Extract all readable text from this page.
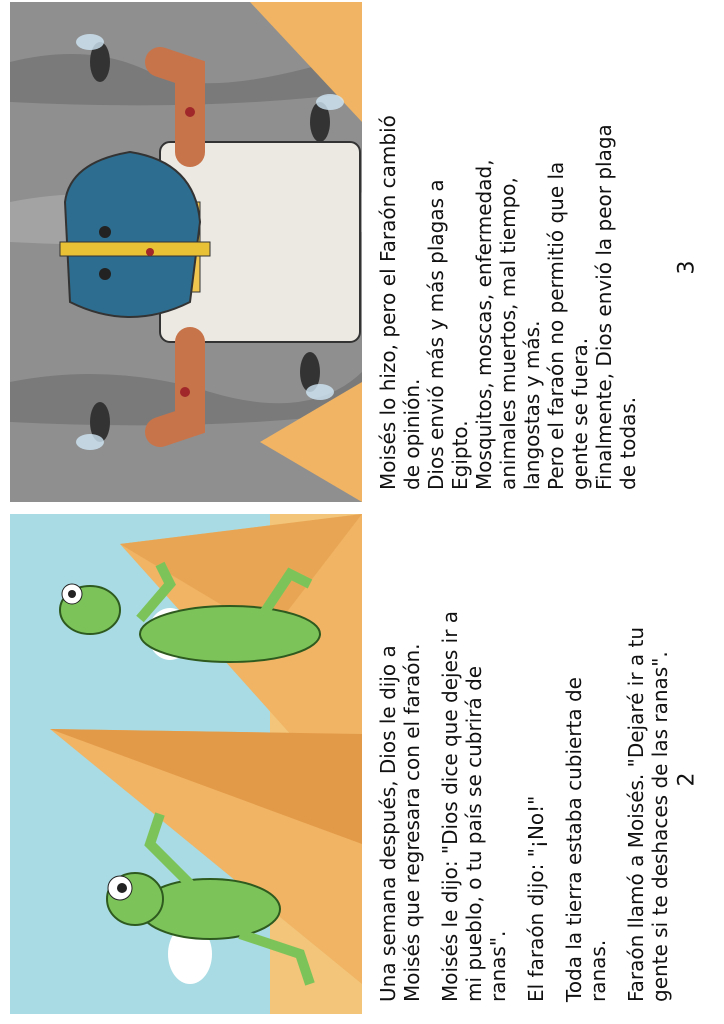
Una semana después, Dios le dijo a
Moisés que regresara con el faraón. Moisés le dijo: "Dios dice que dejes ir a
mi pueblo, o tu país se cubrirá de
ranas". El faraón dijo: "¡No!" Toda la tierra estaba cubierta de
ranas. Faraón llamó a Moisés. "Dejaré ir a tu
gente si te deshaces de las ranas". 2

Moisés lo hizo, pero el Faraón cambió de opinión. Dios envió más y más plagas a Egipto. Mosquitos, moscas, enfermedad, animales muertos, mal tiempo, langostas y más. Pero el faraón no permitió que la gente se fuera. Finalmente, Dios envió la peor plaga de todas.

3
